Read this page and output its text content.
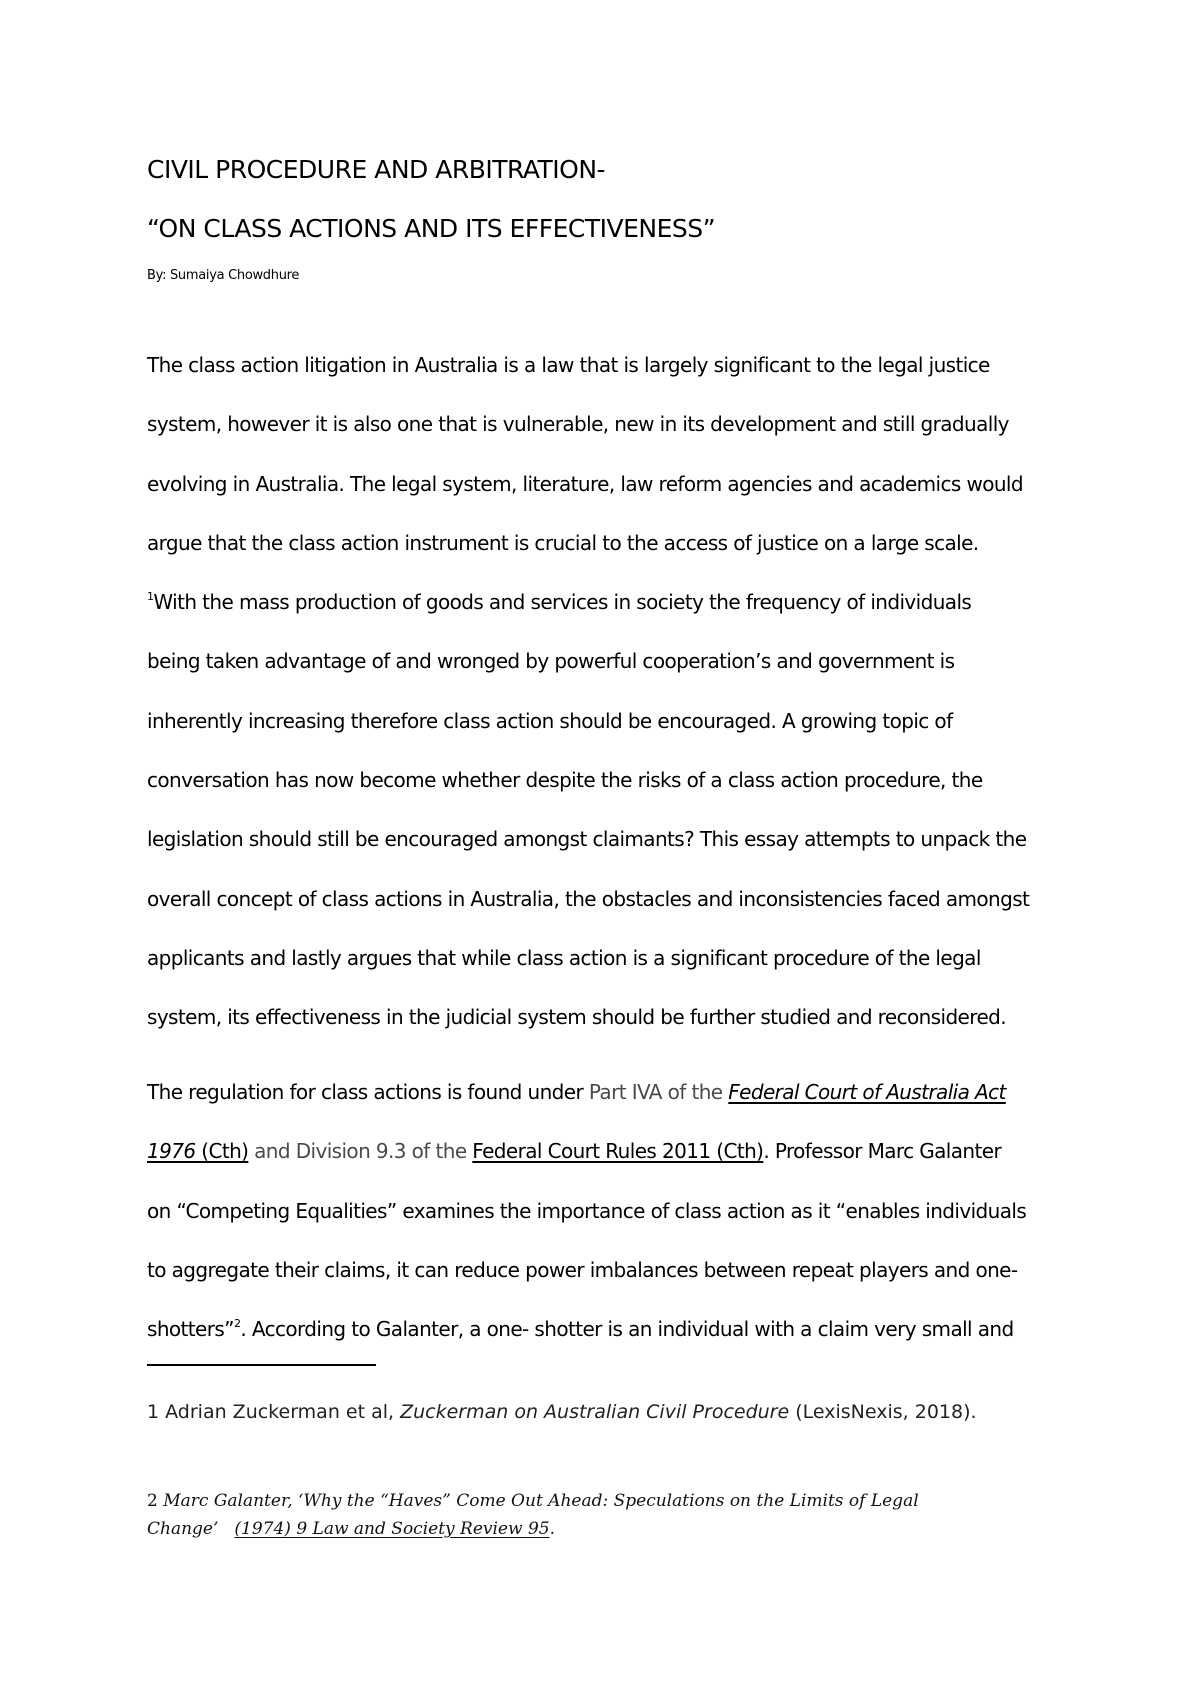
CIVIL PROCEDURE AND ARBITRATION-
“ON CLASS ACTIONS AND ITS EFFECTIVENESS”
By: Sumaiya Chowdhure
The class action litigation in Australia is a law that is largely significant to the legal justice
system, however it is also one that is vulnerable, new in its development and still gradually
evolving in Australia. The legal system, literature, law reform agencies and academics would
argue that the class action instrument is crucial to the access of justice on a large scale.
$^1$With the mass production of goods and services in society the frequency of individuals
being taken advantage of and wronged by powerful cooperation’s and government is
inherently increasing therefore class action should be encouraged. A growing topic of
conversation has now become whether despite the risks of a class action procedure, the
legislation should still be encouraged amongst claimants? This essay attempts to unpack the
overall concept of class actions in Australia, the obstacles and inconsistencies faced amongst
applicants and lastly argues that while class action is a significant procedure of the legal
system, its effectiveness in the judicial system should be further studied and reconsidered.
The regulation for class actions is found under Part IVA of the Federal Court of Australia Act
1976 (Cth) and Division 9.3 of the Federal Court Rules 2011 (Cth). Professor Marc Galanter
on “Competing Equalities” examines the importance of class action as it “enables individuals
to aggregate their claims, it can reduce power imbalances between repeat players and one-
shotters”$^2$. According to Galanter, a one- shotter is an individual with a claim very small and
1 Adrian Zuckerman et al, Zuckerman on Australian Civil Procedure (LexisNexis, 2018).
2 Marc Galanter, ‘Why the “Haves” Come Out Ahead: Speculations on the Limits of Legal
Change’ (1974) 9 Law and Society Review 95.
